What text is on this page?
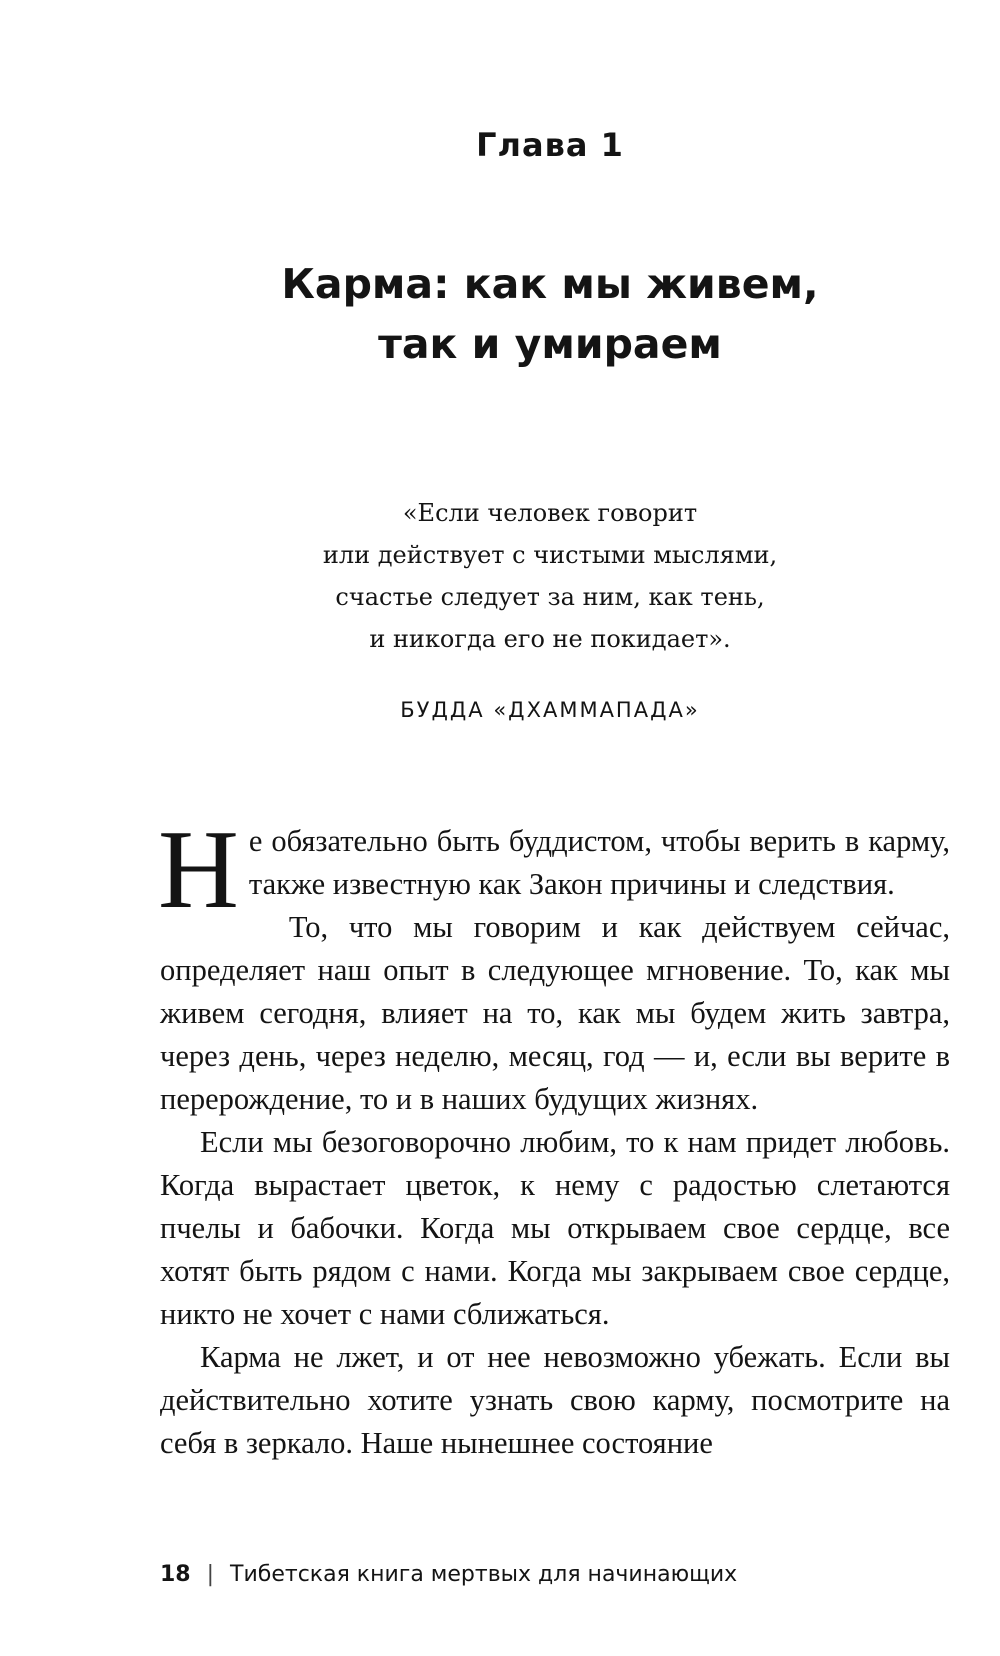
Глава 1
Карма: как мы живем,
так и умираем
«Если человек говорит
или действует с чистыми мыслями,
счастье следует за ним, как тень,
и никогда его не покидает».
БУДДА «ДХАММАПАДА»

Не обязательно быть буддистом, чтобы верить в карму, также известную как Закон причины и следствия.

То, что мы говорим и как действуем сейчас, определяет наш опыт в следующее мгновение. То, как мы живем сегодня, влияет на то, как мы будем жить завтра, через день, через неделю, месяц, год — и, если вы верите в перерождение, то и в наших будущих жизнях.

Если мы безоговорочно любим, то к нам придет любовь. Когда вырастает цветок, к нему с радостью слетаются пчелы и бабочки. Когда мы открываем свое сердце, все хотят быть рядом с нами. Когда мы закрываем свое сердце, никто не хочет с нами сближаться.

Карма не лжет, и от нее невозможно убежать. Если вы действительно хотите узнать свою карму, посмотрите на себя в зеркало. Наше нынешнее состояние

18 | Тибетская книга мертвых для начинающих
